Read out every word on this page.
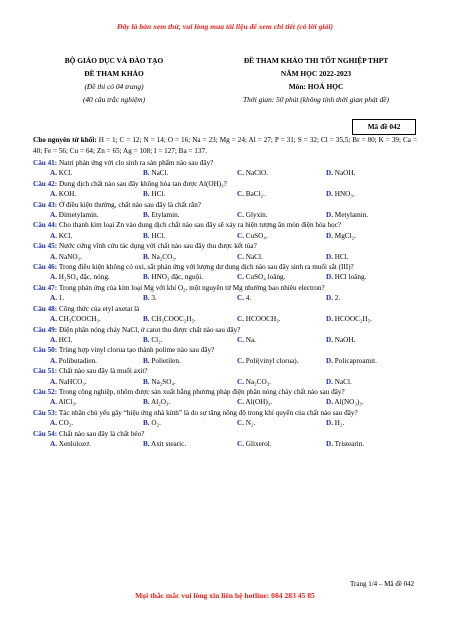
Đây là bản xem thử, vui lòng mua tài liệu để xem chi tiết (có lời giải)
BỘ GIÁO DỤC VÀ ĐÀO TẠO
ĐỀ THAM KHẢO
(Đề thi có 04 trang)
(40 câu trắc nghiệm)
ĐỀ THAM KHẢO THI TỐT NGHIỆP THPT
NĂM HỌC 2022-2023
Môn: HOÁ HỌC
Thời gian: 50 phút (không tính thời gian phát đề)
Mã đề 042
Cho nguyên tử khối: H = 1; C = 12; N = 14; O = 16; Na = 23; Mg = 24; Al = 27; P = 31; S = 32; Cl = 35,5; Br = 80; K = 39; Ca = 40; Fe = 56; Cu = 64; Zn = 65; Ag = 108; I = 127; Ba = 137.

Câu 41: Natri phản ứng với clo sinh ra sản phẩm nào sau đây?

A. KCl.	B. NaCl.	C. NaClO.	D. NaOH.

Câu 42: Dung dịch chất nào sau đây không hòa tan được Al(OH)₃?

A. KOH.	B. HCl.	C. BaCl₂.	D. HNO₃.

Câu 43: Ở điều kiện thường, chất nào sau đây là chất rắn?

A. Đimetylamin.	B. Etylamin.	C. Glyxin.	D. Metylamin.

Câu 44: Cho thanh kim loại Zn vào dung dịch chất nào sau đây sẽ xảy ra hiện tượng ăn mòn điện hóa học?

A. KCl.	B. HCl.	C. CuSO₄.	D. MgCl₂.

Câu 45: Nước cứng vĩnh cửu tác dụng với chất nào sau đây thu được kết tủa?

A. NaNO₃.	B. Na₂CO₃.	C. NaCl.	D. HCl.

Câu 46: Trong điều kiện không có oxi, sắt phản ứng với lượng dư dung dịch nào sau đây sinh ra muối sắt (III)?

A. H₂SO₄ đặc, nóng.	B. HNO₃ đặc, nguội.	C. CuSO₄ loãng.	D. HCl loãng.

Câu 47: Trong phản ứng của kim loại Mg với khí O₂, một nguyên tử Mg nhường bao nhiêu electron?

A. 1.	B. 3.	C. 4.	D. 2.

Câu 48: Công thức của etyl axetat là

A. CH₃COOCH₃.	B. CH₃COOC₂H₅.	C. HCOOCH₃.	D. HCOOC₂H₅.

Câu 49: Điện phân nóng chảy NaCl, ở catot thu được chất nào sau đây?

A. HCl.	B. Cl₂.	C. Na.	D. NaOH.

Câu 50: Trùng hợp vinyl clorua tạo thành polime nào sau đây?

A. Polibutadien.	B. Polietilen.	C. Poli(vinyl clorua).	D. Policaproamit.

Câu 51: Chất nào sau đây là muối axit?

A. NaHCO₃.	B. Na₂SO₄.	C. Na₂CO₃.	D. NaCl.

Câu 52: Trong công nghiệp, nhôm được sản xuất bằng phương pháp điện phân nóng chảy chất nào sau đây?

A. AlCl₃.	B. Al₂O₃.	C. Al(OH)₃.	D. Al(NO₃)₃.

Câu 53: Tác nhân chủ yếu gây “hiệu ứng nhà kính” là do sự tăng nồng độ trong khí quyển của chất nào sau đây?

A. CO₂.	B. O₂.	C. N₂.	D. H₂.

Câu 54: Chất nào sau đây là chất béo?

A. Xenlulozơ.	B. Axit stearic.	C. Glixerol.	D. Tristearin.
Trang 1/4 – Mã đề 042
Mọi thắc mắc vui lòng xin liên hệ hotline: 084 283 45 85
